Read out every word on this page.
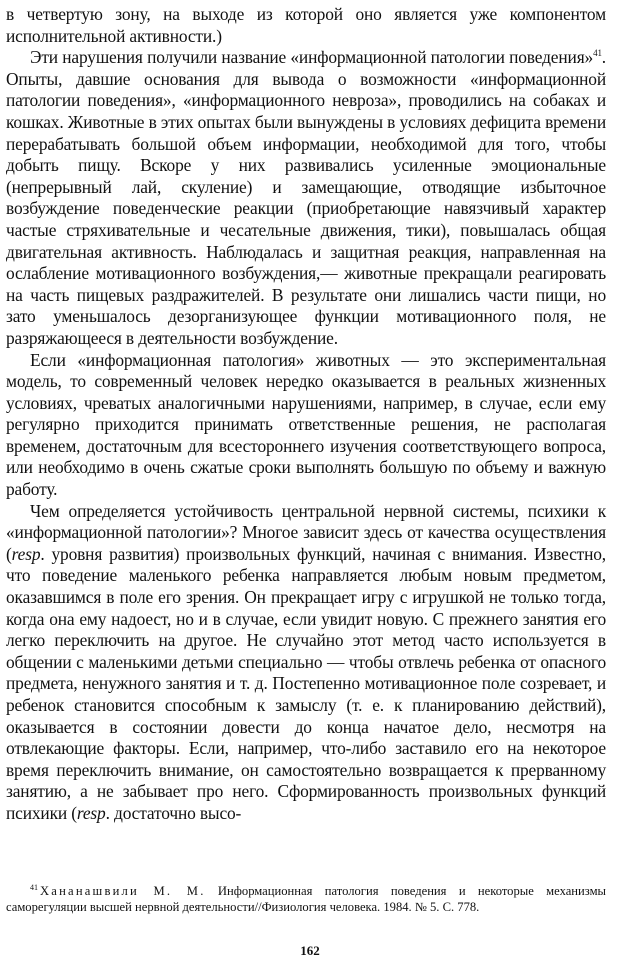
в четвертую зону, на выходе из которой оно является уже компонентом исполнительной активности.)

Эти нарушения получили название «информационной патологии поведения»$^{41}$. Опыты, давшие основания для вывода о возможности «информационной патологии поведения», «информационного невроза», проводились на собаках и кошках. Животные в этих опытах были вынуждены в условиях дефицита времени перерабатывать большой объем информации, необходимой для того, чтобы добыть пищу. Вскоре у них развивались усиленные эмоциональные (непрерывный лай, скуление) и замещающие, отводящие избыточное возбуждение поведенческие реакции (приобретающие навязчивый характер частые стряхивательные и чесательные движения, тики), повышалась общая двигательная активность. Наблюдалась и защитная реакция, направленная на ослабление мотивационного возбуждения,— животные прекращали реагировать на часть пищевых раздражителей. В результате они лишались части пищи, но зато уменьшалось дезорганизующее функции мотивационного поля, не разряжающееся в деятельности возбуждение.

Если «информационная патология» животных — это экспериментальная модель, то современный человек нередко оказывается в реальных жизненных условиях, чреватых аналогичными нарушениями, например, в случае, если ему регулярно приходится принимать ответственные решения, не располагая временем, достаточным для всестороннего изучения соответствующего вопроса, или необходимо в очень сжатые сроки выполнять большую по объему и важную работу.

Чем определяется устойчивость центральной нервной системы, психики к «информационной патологии»? Многое зависит здесь от качества осуществления (resp. уровня развития) произвольных функций, начиная с внимания. Известно, что поведение маленького ребенка направляется любым новым предметом, оказавшимся в поле его зрения. Он прекращает игру с игрушкой не только тогда, когда она ему надоест, но и в случае, если увидит новую. С прежнего занятия его легко переключить на другое. Не случайно этот метод часто используется в общении с маленькими детьми специально — чтобы отвлечь ребенка от опасного предмета, ненужного занятия и т. д. Постепенно мотивационное поле созревает, и ребенок становится способным к замыслу (т. е. к планированию действий), оказывается в состоянии довести до конца начатое дело, несмотря на отвлекающие факторы. Если, например, что-либо заставило его на некоторое время переключить внимание, он самостоятельно возвращается к прерванному занятию, а не забывает про него. Сформированность произвольных функций психики (resp. достаточно высо-

$^{41}$ Хананашвили М. М. Информационная патология поведения и некоторые механизмы саморегуляции высшей нервной деятельности//Физиология человека. 1984. № 5. С. 778.

162
